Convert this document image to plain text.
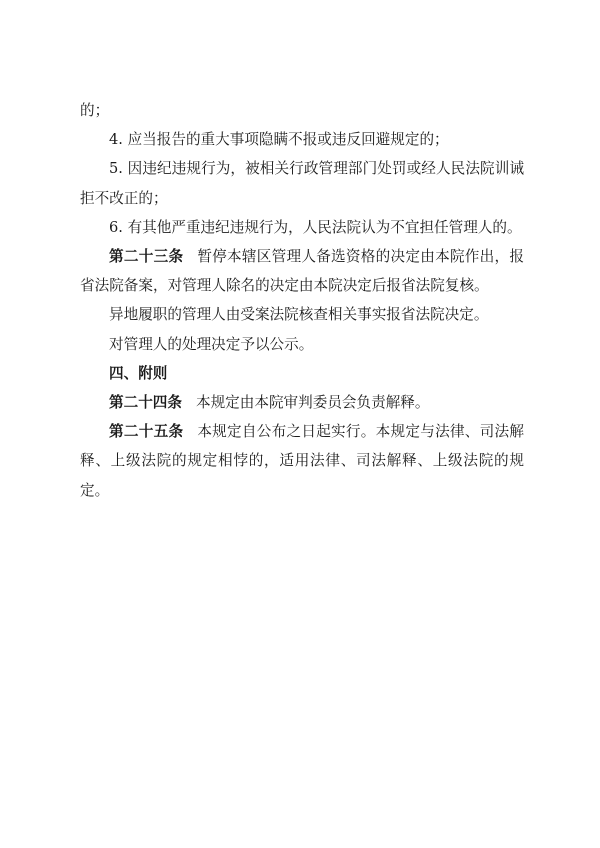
的；

4. 应当报告的重大事项隐瞒不报或违反回避规定的；

5. 因违纪违规行为，被相关行政管理部门处罚或经人民法院训诫拒不改正的；

6. 有其他严重违纪违规行为，人民法院认为不宜担任管理人的。

第二十三条 暂停本辖区管理人备选资格的决定由本院作出，报省法院备案，对管理人除名的决定由本院决定后报省法院复核。

异地履职的管理人由受案法院核查相关事实报省法院决定。

对管理人的处理决定予以公示。

四、附则

第二十四条 本规定由本院审判委员会负责解释。

第二十五条 本规定自公布之日起实行。本规定与法律、司法解释、上级法院的规定相悖的，适用法律、司法解释、上级法院的规定。
